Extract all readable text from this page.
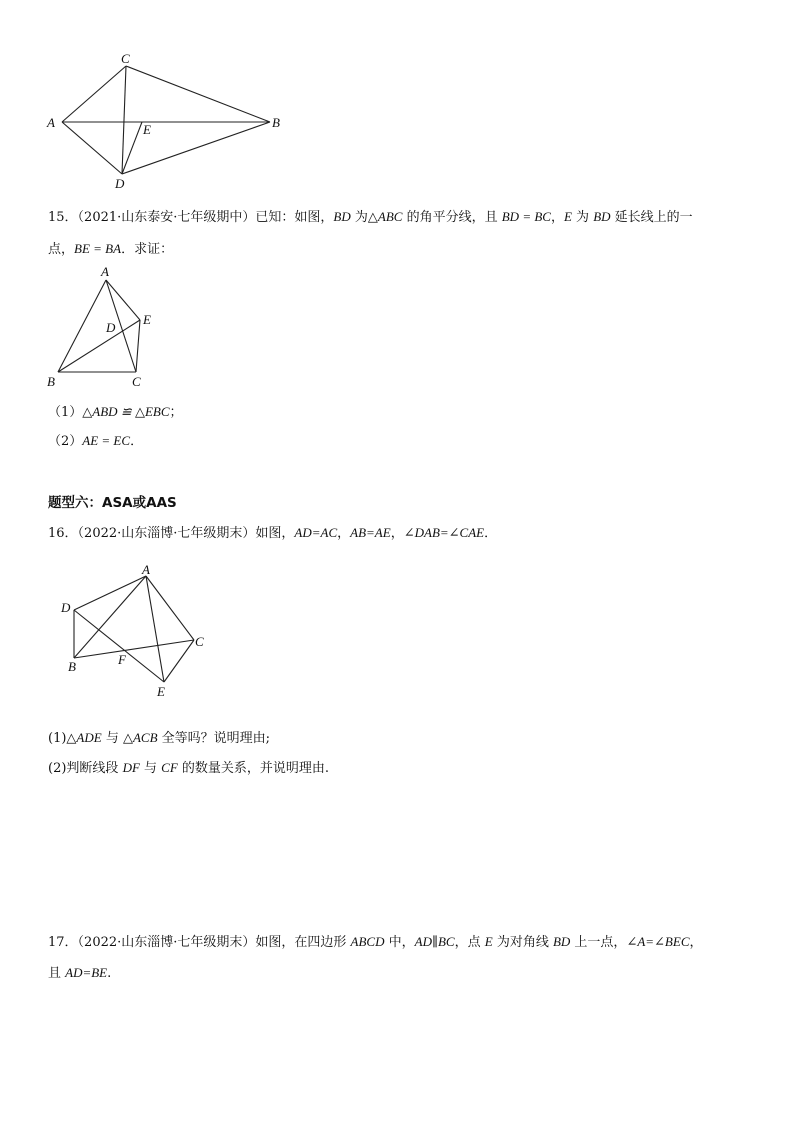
C
A	E	B
D
15．（2021·山东泰安·七年级期中）已知：如图，BD 为△ABC 的角平分线，且 BD = BC，E 为 BD 延长线上的一
点，BE = BA．求证：
A
D
E
B	C
（1）△ABD ≌ △EBC；
（2）AE = EC．
题型六：ASA或AAS
16．（2022·山东淄博·七年级期末）如图，AD=AC，AB=AE，∠DAB=∠CAE．
A
D
C
F
B
E
(1)△ADE 与 △ACB 全等吗？说明理由;
(2)判断线段 DF 与 CF 的数量关系，并说明理由.
17．（2022·山东淄博·七年级期末）如图，在四边形 ABCD 中，AD∥BC，点 E 为对角线 BD 上一点，∠A=∠BEC，
且 AD=BE.
